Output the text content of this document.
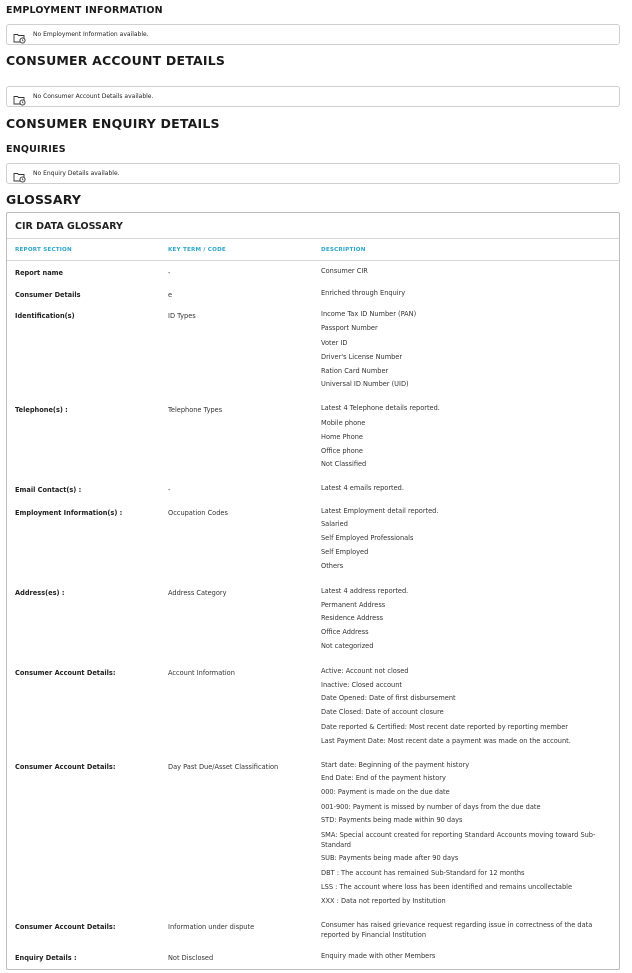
EMPLOYMENT INFORMATION
No Employment Information available.
CONSUMER ACCOUNT DETAILS
No Consumer Account Details available.
CONSUMER ENQUIRY DETAILS
ENQUIRIES
No Enquiry Details available.
GLOSSARY
CIR DATA GLOSSARY
REPORT SECTION	KEY TERM / CODE	DESCRIPTION
Report name	-	Consumer CIR
Consumer Details	e	Enriched through Enquiry
Identification(s)	ID Types	Income Tax ID Number (PAN)
Passport Number
Voter ID
Driver's License Number
Ration Card Number
Universal ID Number (UID)
Telephone(s) :	Telephone Types	Latest 4 Telephone details reported.
Mobile phone
Home Phone
Office phone
Not Classified
Email Contact(s) :	-	Latest 4 emails reported.
Employment Information(s) :	Occupation Codes	Latest Employment detail reported.
Salaried
Self Employed Professionals
Self Employed
Others
Address(es) :	Address Category	Latest 4 address reported.
Permanent Address
Residence Address
Office Address
Not categorized
Consumer Account Details:	Account Information	Active: Account not closed
Inactive: Closed account
Date Opened: Date of first disbursement
Date Closed: Date of account closure
Date reported & Certified: Most recent date reported by reporting member
Last Payment Date: Most recent date a payment was made on the account.
Consumer Account Details:	Day Past Due/Asset Classification	Start date: Beginning of the payment history
End Date: End of the payment history
000: Payment is made on the due date
001-900: Payment is missed by number of days from the due date
STD: Payments being made within 90 days
SMA: Special account created for reporting Standard Accounts moving toward Sub-Standard
SUB: Payments being made after 90 days
DBT : The account has remained Sub-Standard for 12 months
LSS : The account where loss has been identified and remains uncollectable
XXX : Data not reported by Institution
Consumer Account Details:	Information under dispute	Consumer has raised grievance request regarding issue in correctness of the data reported by Financial Institution
Enquiry Details :	Not Disclosed	Enquiry made with other Members
